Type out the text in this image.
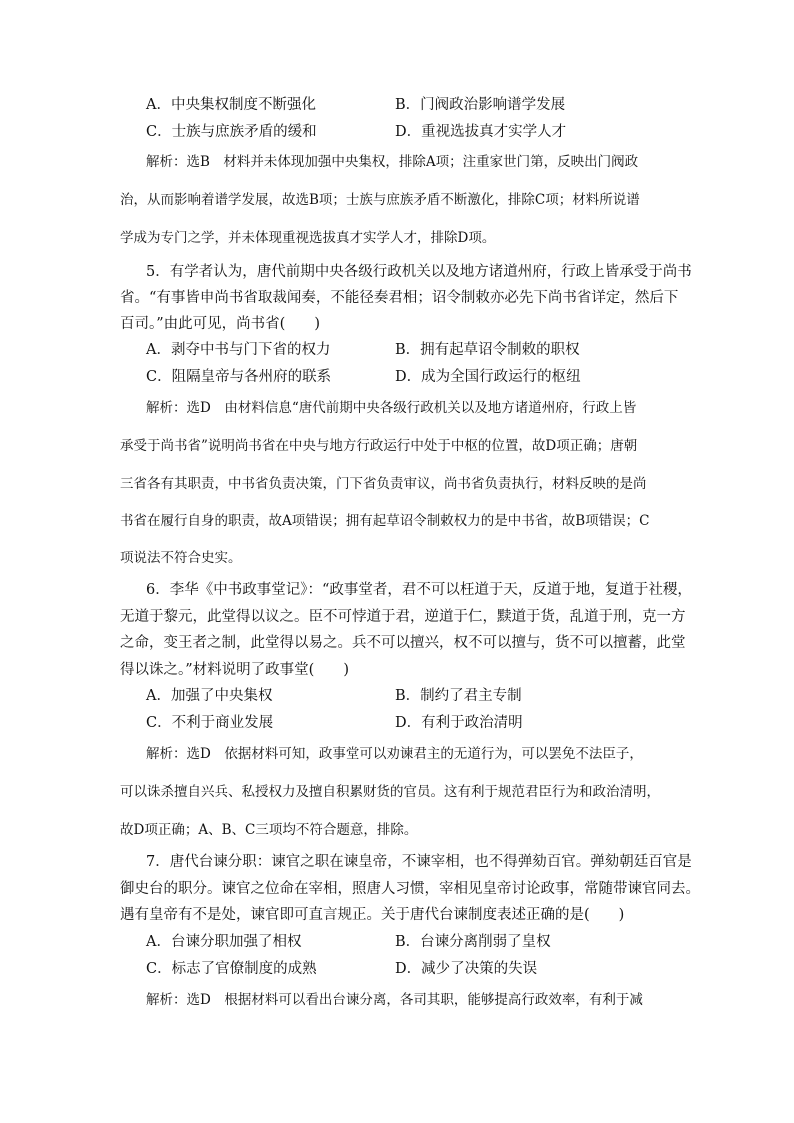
A．中央集权制度不断强化	B．门阀政治影响谱学发展
C．士族与庶族矛盾的缓和	D．重视选拔真才实学人才
解析：选B　材料并未体现加强中央集权，排除A项；注重家世门第，反映出门阀政
治，从而影响着谱学发展，故选B项；士族与庶族矛盾不断激化，排除C项；材料所说谱
学成为专门之学，并未体现重视选拔真才实学人才，排除D项。
5．有学者认为，唐代前期中央各级行政机关以及地方诸道州府，行政上皆承受于尚书
省。“有事皆申尚书省取裁闻奏，不能径奏君相；诏令制敕亦必先下尚书省详定，然后下
百司。”由此可见，尚书省(　　)
A．剥夺中书与门下省的权力	B．拥有起草诏令制敕的职权
C．阻隔皇帝与各州府的联系	D．成为全国行政运行的枢纽
解析：选D　由材料信息“唐代前期中央各级行政机关以及地方诸道州府，行政上皆
承受于尚书省”说明尚书省在中央与地方行政运行中处于中枢的位置，故D项正确；唐朝
三省各有其职责，中书省负责决策，门下省负责审议，尚书省负责执行，材料反映的是尚
书省在履行自身的职责，故A项错误；拥有起草诏令制敕权力的是中书省，故B项错误；C
项说法不符合史实。
6．李华《中书政事堂记》：“政事堂者，君不可以枉道于天，反道于地，复道于社稷，
无道于黎元，此堂得以议之。臣不可悖道于君，逆道于仁，黩道于货，乱道于刑，克一方
之命，变王者之制，此堂得以易之。兵不可以擅兴，权不可以擅与，货不可以擅蓄，此堂
得以诛之。”材料说明了政事堂(　　)
A．加强了中央集权	B．制约了君主专制
C．不利于商业发展	D．有利于政治清明
解析：选D　依据材料可知，政事堂可以劝谏君主的无道行为，可以罢免不法臣子，
可以诛杀擅自兴兵、私授权力及擅自积累财货的官员。这有利于规范君臣行为和政治清明，
故D项正确；A、B、C三项均不符合题意，排除。
7．唐代台谏分职：谏官之职在谏皇帝，不谏宰相，也不得弹劾百官。弹劾朝廷百官是
御史台的职分。谏官之位命在宰相，照唐人习惯，宰相见皇帝讨论政事，常随带谏官同去。
遇有皇帝有不是处，谏官即可直言规正。关于唐代台谏制度表述正确的是(　　)
A．台谏分职加强了相权	B．台谏分离削弱了皇权
C．标志了官僚制度的成熟	D．减少了决策的失误
解析：选D　根据材料可以看出台谏分离，各司其职，能够提高行政效率，有利于减
